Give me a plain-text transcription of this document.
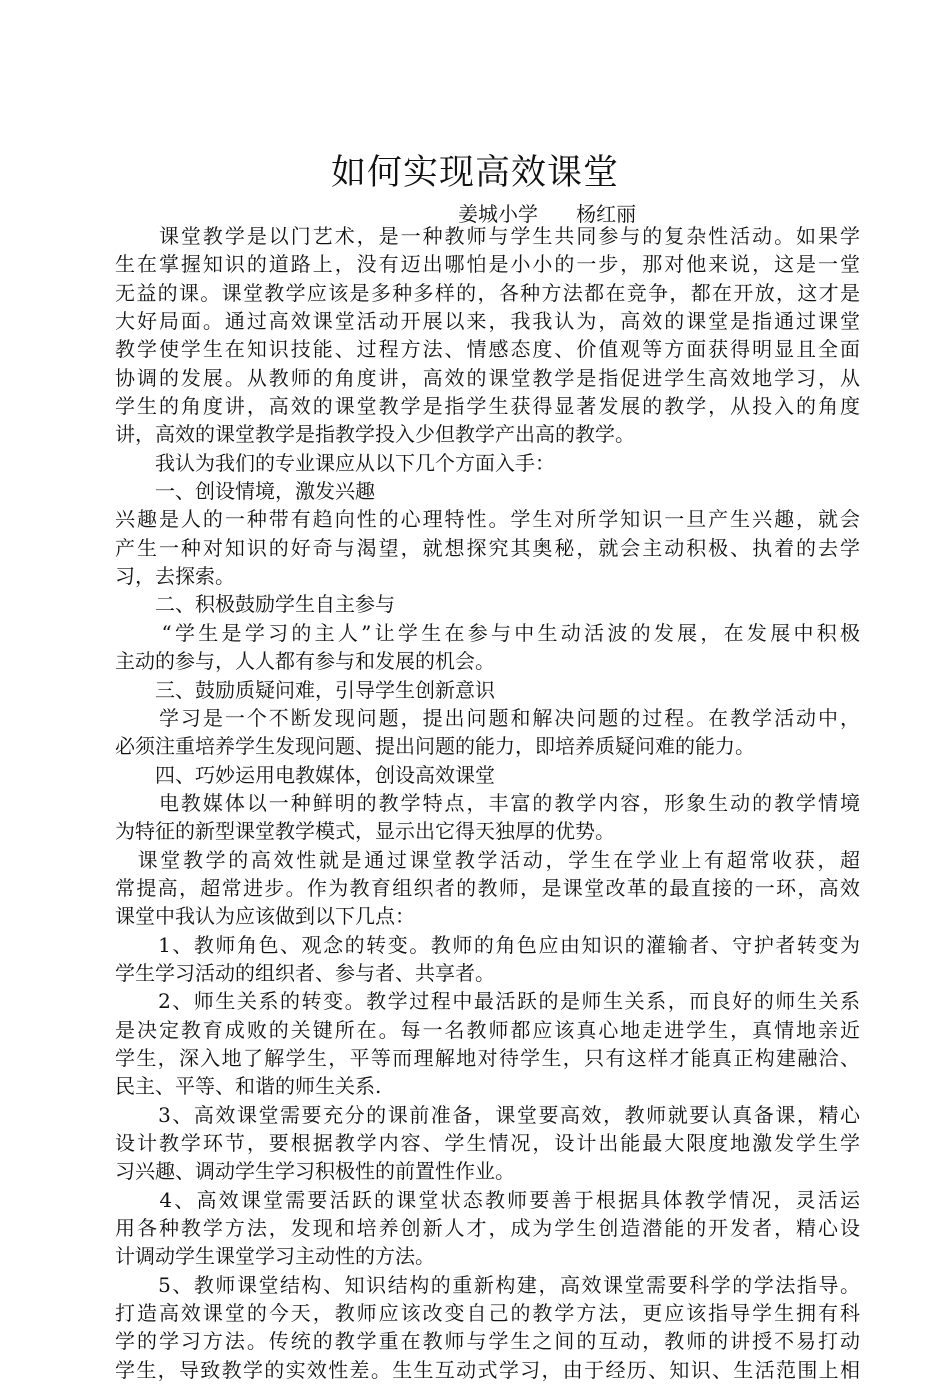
如何实现高效课堂
姜城小学      杨红丽
　　课堂教学是以门艺术，是一种教师与学生共同参与的复杂性活动。如果学
生在掌握知识的道路上，没有迈出哪怕是小小的一步，那对他来说，这是一堂
无益的课。课堂教学应该是多种多样的，各种方法都在竞争，都在开放，这才是
大好局面。通过高效课堂活动开展以来，我我认为，高效的课堂是指通过课堂
教学使学生在知识技能、过程方法、情感态度、价值观等方面获得明显且全面
协调的发展。从教师的角度讲，高效的课堂教学是指促进学生高效地学习，从
学生的角度讲，高效的课堂教学是指学生获得显著发展的教学，从投入的角度
讲，高效的课堂教学是指教学投入少但教学产出高的教学。
　　我认为我们的专业课应从以下几个方面入手：
　　一、创设情境，激发兴趣
兴趣是人的一种带有趋向性的心理特性。学生对所学知识一旦产生兴趣，就会
产生一种对知识的好奇与渴望，就想探究其奥秘，就会主动积极、执着的去学
习，去探索。
　　二、积极鼓励学生自主参与
　　“学生是学习的主人”让学生在参与中生动活波的发展，在发展中积极
主动的参与，人人都有参与和发展的机会。
　　三、鼓励质疑问难，引导学生创新意识
　　学习是一个不断发现问题，提出问题和解决问题的过程。在教学活动中，
必须注重培养学生发现问题、提出问题的能力，即培养质疑问难的能力。
　　四、巧妙运用电教媒体，创设高效课堂
　　电教媒体以一种鲜明的教学特点，丰富的教学内容，形象生动的教学情境
为特征的新型课堂教学模式，显示出它得天独厚的优势。
　课堂教学的高效性就是通过课堂教学活动，学生在学业上有超常收获，超
常提高，超常进步。作为教育组织者的教师，是课堂改革的最直接的一环，高效
课堂中我认为应该做到以下几点：
　　1、教师角色、观念的转变。教师的角色应由知识的灌输者、守护者转变为
学生学习活动的组织者、参与者、共享者。
　　2、师生关系的转变。教学过程中最活跃的是师生关系，而良好的师生关系
是决定教育成败的关键所在。每一名教师都应该真心地走进学生，真情地亲近
学生，深入地了解学生，平等而理解地对待学生，只有这样才能真正构建融洽、
民主、平等、和谐的师生关系.
　　3、高效课堂需要充分的课前准备，课堂要高效，教师就要认真备课，精心
设计教学环节，要根据教学内容、学生情况，设计出能最大限度地激发学生学
习兴趣、调动学生学习积极性的前置性作业。
　　4、高效课堂需要活跃的课堂状态教师要善于根据具体教学情况，灵活运
用各种教学方法，发现和培养创新人才，成为学生创造潜能的开发者，精心设
计调动学生课堂学习主动性的方法。
　　5、教师课堂结构、知识结构的重新构建，高效课堂需要科学的学法指导。
打造高效课堂的今天，教师应该改变自己的教学方法，更应该指导学生拥有科
学的学习方法。传统的教学重在教师与学生之间的互动，教师的讲授不易打动
学生，导致教学的实效性差。生生互动式学习，由于经历、知识、生活范围上相
